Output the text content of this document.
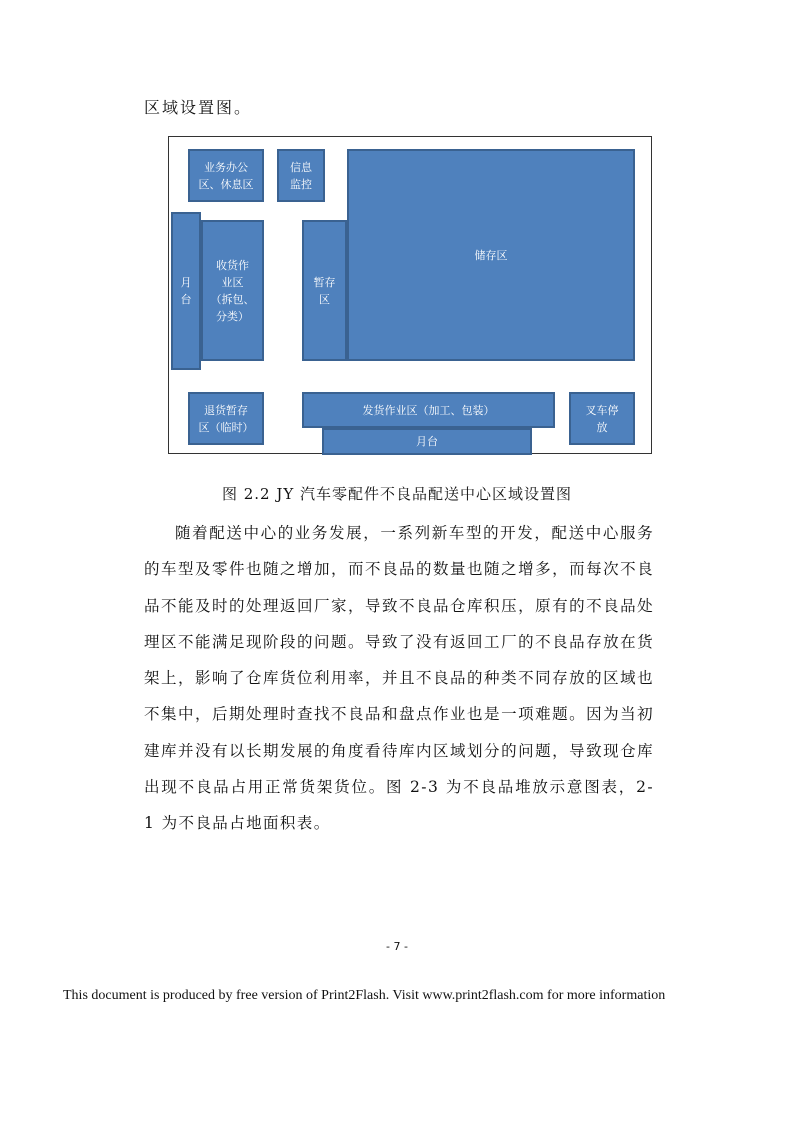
区域设置图。
业务办公
区、休息区
信息
监控
储存区
月
台
收货作
业区
（拆包、
分类）
暂存
区
退货暂存
区（临时）
发货作业区（加工、包装）
月台
叉车停
放
图 2.2 JY 汽车零配件不良品配送中心区域设置图

随着配送中心的业务发展，一系列新车型的开发，配送中心服务的车型及零件也随之增加，而不良品的数量也随之增多，而每次不良品不能及时的处理返回厂家，导致不良品仓库积压，原有的不良品处理区不能满足现阶段的问题。导致了没有返回工厂的不良品存放在货架上，影响了仓库货位利用率，并且不良品的种类不同存放的区域也不集中，后期处理时查找不良品和盘点作业也是一项难题。因为当初建库并没有以长期发展的角度看待库内区域划分的问题，导致现仓库出现不良品占用正常货架货位。图 2-3 为不良品堆放示意图表，2-1 为不良品占地面积表。

- 7 -
This document is produced by free version of Print2Flash. Visit www.print2flash.com for more information
